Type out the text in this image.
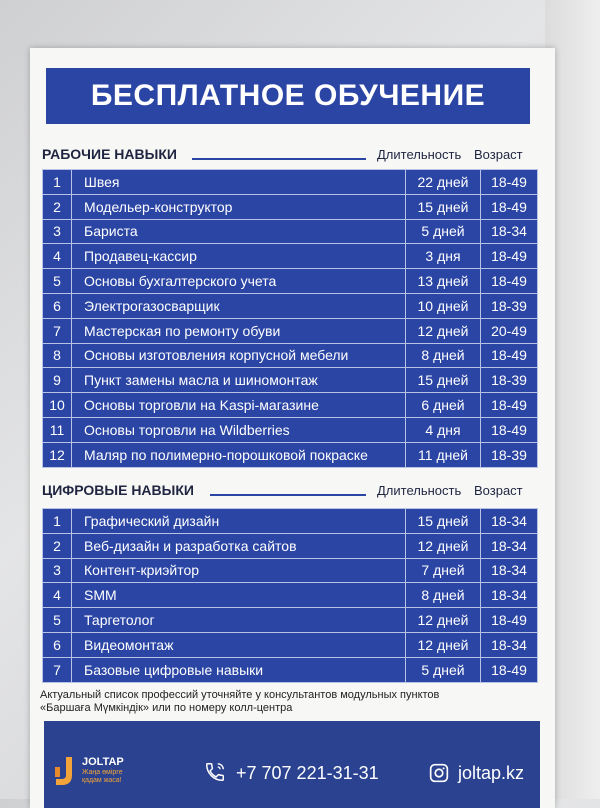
БЕСПЛАТНОЕ ОБУЧЕНИЕ
РАБОЧИЕ НАВЫКИ	Длительность Возраст
1	Швея	22 дней	18-49
2	Модельер-конструктор	15 дней	18-49
3	Бариста	5 дней	18-34
4	Продавец-кассир	3 дня	18-49
5	Основы бухгалтерского учета	13 дней	18-49
6	Электрогазосварщик	10 дней	18-39
7	Мастерская по ремонту обуви	12 дней	20-49
8	Основы изготовления корпусной мебели	8 дней	18-49
9	Пункт замены масла и шиномонтаж	15 дней	18-39
10	Основы торговли на Kaspi-магазине	6 дней	18-49
11	Основы торговли на Wildberries	4 дня	18-49
12	Маляр по полимерно-порошковой покраске	11 дней	18-39
ЦИФРОВЫЕ НАВЫКИ	Длительность Возраст
1	Графический дизайн	15 дней	18-34
2	Веб-дизайн и разработка сайтов	12 дней	18-34
3	Контент-криэйтор	7 дней	18-34
4	SMM	8 дней	18-34
5	Таргетолог	12 дней	18-49
6	Видеомонтаж	12 дней	18-34
7	Базовые цифровые навыки	5 дней	18-49
Актуальный список профессий уточняйте у консультантов модульных пунктов
«Баршаға Мүмкіндік» или по номеру колл-центра
JOLTAP
Жаңа өмірге қадам жаса!	+7 707 221-31-31	joltap.kz
